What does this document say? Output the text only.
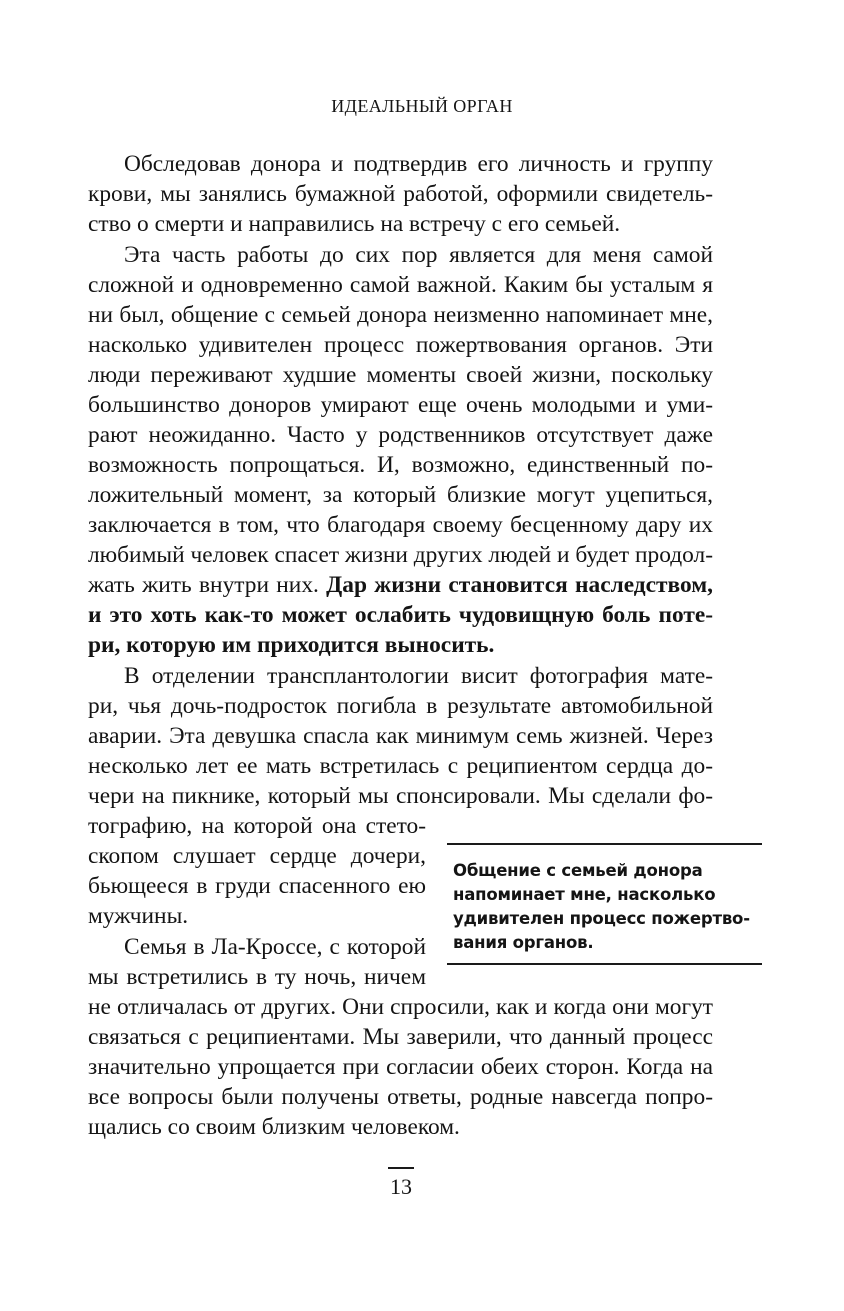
ИДЕАЛЬНЫЙ ОРГАН
Обследовав донора и подтвердив его личность и группу
крови, мы занялись бумажной работой, оформили свидетель-
ство о смерти и направились на встречу с его семьей.
Эта часть работы до сих пор является для меня самой
сложной и одновременно самой важной. Каким бы усталым я
ни был, общение с семьей донора неизменно напоминает мне,
насколько удивителен процесс пожертвования органов. Эти
люди переживают худшие моменты своей жизни, поскольку
большинство доноров умирают еще очень молодыми и уми-
рают неожиданно. Часто у родственников отсутствует даже
возможность попрощаться. И, возможно, единственный по-
ложительный момент, за который близкие могут уцепиться,
заключается в том, что благодаря своему бесценному дару их
любимый человек спасет жизни других людей и будет продол-
жать жить внутри них. Дар жизни становится наследством,
и это хоть как-то может ослабить чудовищную боль поте-
ри, которую им приходится выносить.
В отделении трансплантологии висит фотография мате-
ри, чья дочь-подросток погибла в результате автомобильной
аварии. Эта девушка спасла как минимум семь жизней. Через
несколько лет ее мать встретилась с реципиентом сердца до-
чери на пикнике, который мы спонсировали. Мы сделали фо-
тографию, на которой она стето-
скопом слушает сердце дочери,
бьющееся в груди спасенного ею
мужчины.
Семья в Ла-Кроссе, с которой
мы встретились в ту ночь, ничем
не отличалась от других. Они спросили, как и когда они могут
связаться с реципиентами. Мы заверили, что данный процесс
значительно упрощается при согласии обеих сторон. Когда на
все вопросы были получены ответы, родные навсегда попро-
щались со своим близким человеком.
Общение с семьей донора
напоминает мне, насколько
удивителен процесс пожертво-
вания органов.
13
